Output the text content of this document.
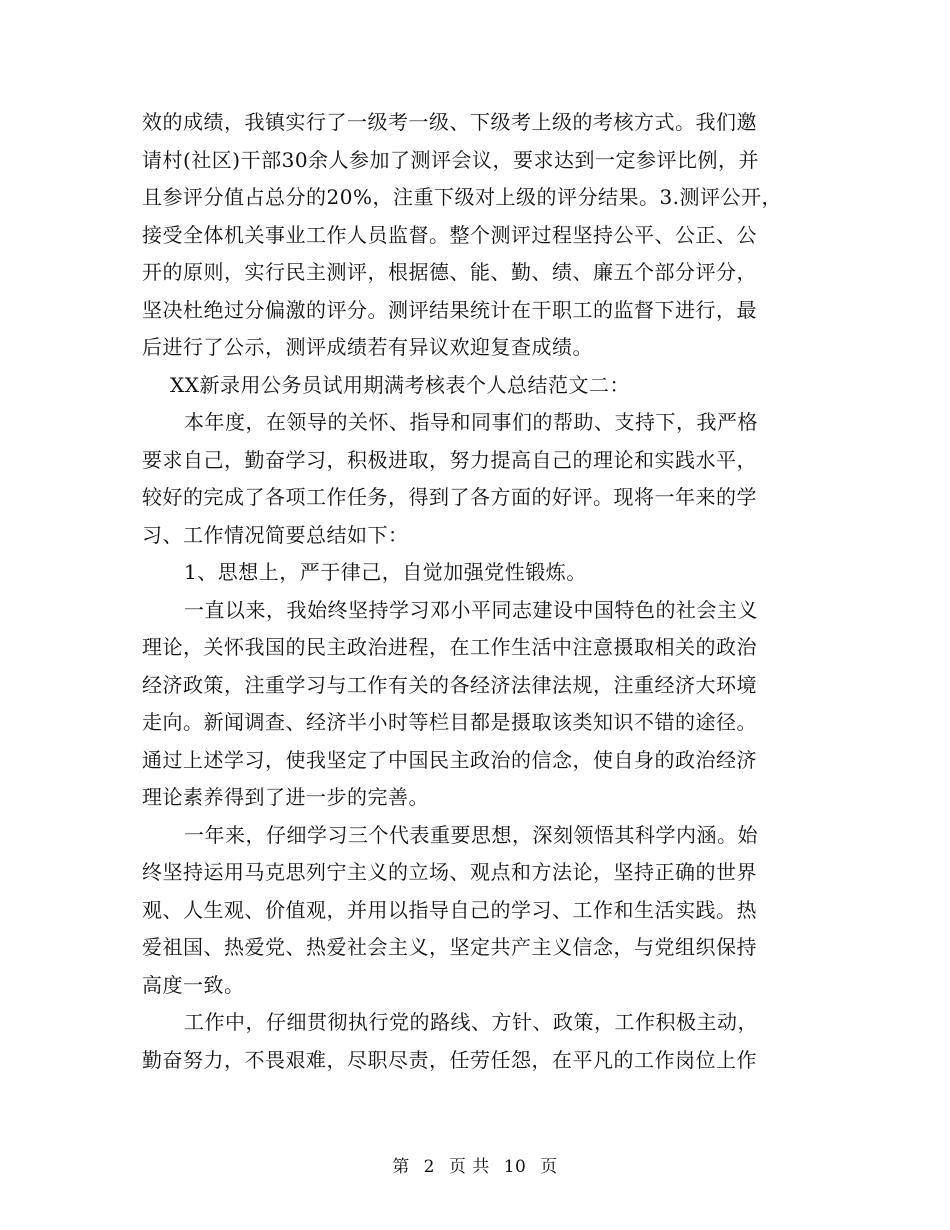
效的成绩，我镇实行了一级考一级、下级考上级的考核方式。我们邀
请村(社区)干部30余人参加了测评会议，要求达到一定参评比例，并
且参评分值占总分的20%，注重下级对上级的评分结果。3.测评公开，
接受全体机关事业工作人员监督。整个测评过程坚持公平、公正、公
开的原则，实行民主测评，根据德、能、勤、绩、廉五个部分评分，
坚决杜绝过分偏激的评分。测评结果统计在干职工的监督下进行，最
后进行了公示，测评成绩若有异议欢迎复查成绩。
XX新录用公务员试用期满考核表个人总结范文二：
本年度，在领导的关怀、指导和同事们的帮助、支持下，我严格
要求自己，勤奋学习，积极进取，努力提高自己的理论和实践水平，
较好的完成了各项工作任务，得到了各方面的好评。现将一年来的学
习、工作情况简要总结如下：
1、思想上，严于律己，自觉加强党性锻炼。
一直以来，我始终坚持学习邓小平同志建设中国特色的社会主义
理论，关怀我国的民主政治进程，在工作生活中注意摄取相关的政治
经济政策，注重学习与工作有关的各经济法律法规，注重经济大环境
走向。新闻调查、经济半小时等栏目都是摄取该类知识不错的途径。
通过上述学习，使我坚定了中国民主政治的信念，使自身的政治经济
理论素养得到了进一步的完善。
一年来，仔细学习三个代表重要思想，深刻领悟其科学内涵。始
终坚持运用马克思列宁主义的立场、观点和方法论，坚持正确的世界
观、人生观、价值观，并用以指导自己的学习、工作和生活实践。热
爱祖国、热爱党、热爱社会主义，坚定共产主义信念，与党组织保持
高度一致。
工作中，仔细贯彻执行党的路线、方针、政策，工作积极主动，
勤奋努力，不畏艰难，尽职尽责，任劳任怨，在平凡的工作岗位上作
第 2 页 共 10 页
